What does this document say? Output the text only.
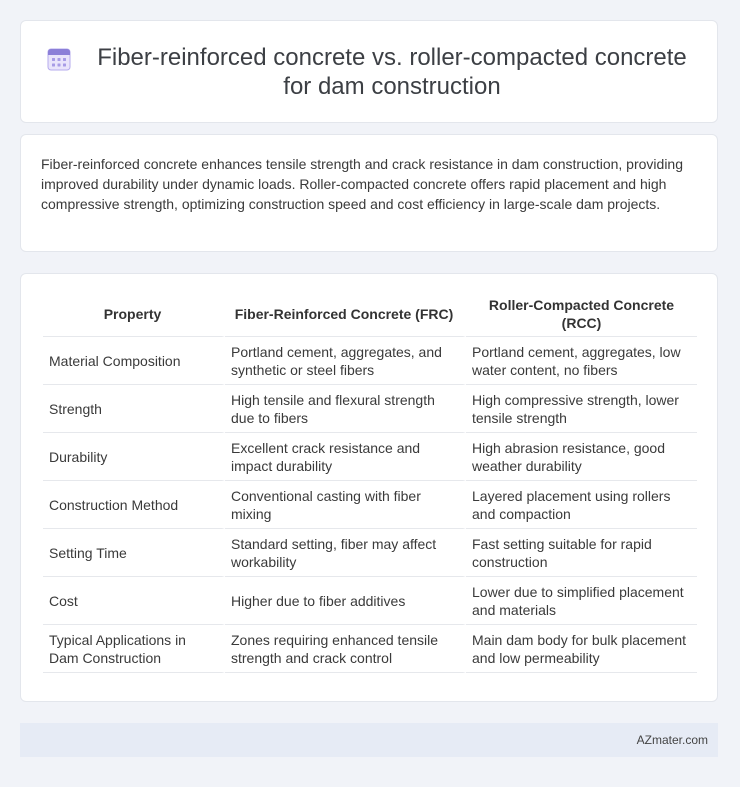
Fiber-reinforced concrete vs. roller-compacted concrete for dam construction

Fiber-reinforced concrete enhances tensile strength and crack resistance in dam construction, providing improved durability under dynamic loads. Roller-compacted concrete offers rapid placement and high compressive strength, optimizing construction speed and cost efficiency in large-scale dam projects.

Property	Fiber-Reinforced Concrete (FRC)	Roller-Compacted Concrete (RCC)
Material Composition	Portland cement, aggregates, and synthetic or steel fibers	Portland cement, aggregates, low water content, no fibers
Strength	High tensile and flexural strength due to fibers	High compressive strength, lower tensile strength
Durability	Excellent crack resistance and impact durability	High abrasion resistance, good weather durability
Construction Method	Conventional casting with fiber mixing	Layered placement using rollers and compaction
Setting Time	Standard setting, fiber may affect workability	Fast setting suitable for rapid construction
Cost	Higher due to fiber additives	Lower due to simplified placement and materials
Typical Applications in Dam Construction	Zones requiring enhanced tensile strength and crack control	Main dam body for bulk placement and low permeability
AZmater.com
